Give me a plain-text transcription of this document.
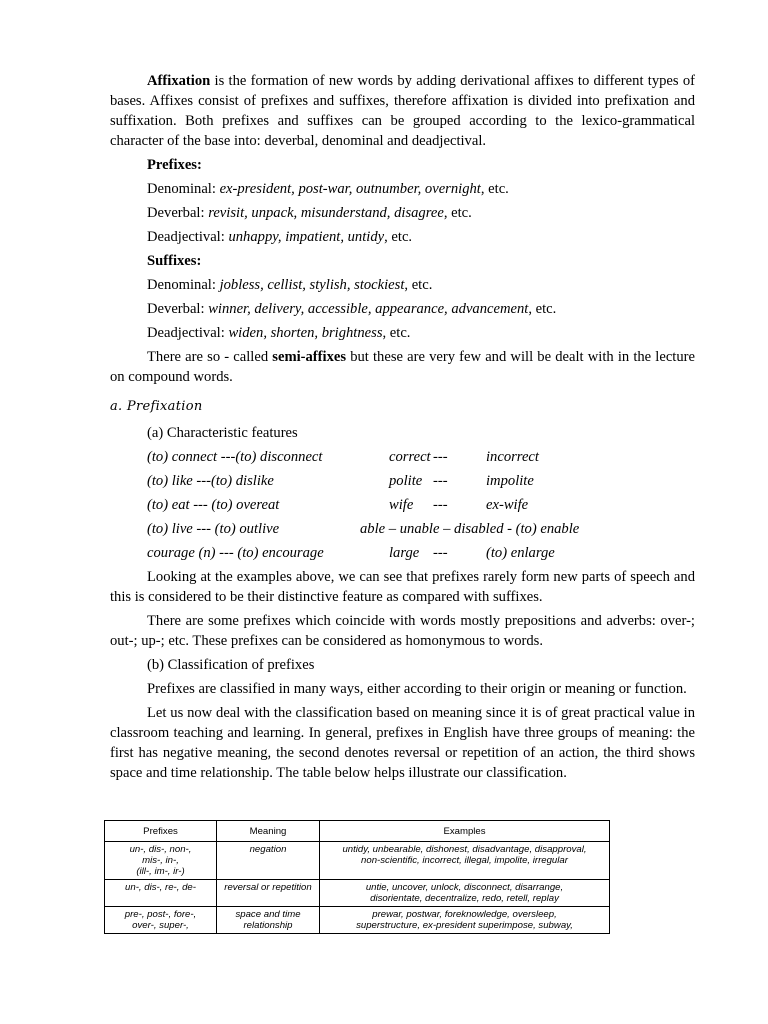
Affixation is the formation of new words by adding derivational affixes to different types of bases. Affixes consist of prefixes and suffixes, therefore affixation is divided into prefixation and suffixation. Both prefixes and suffixes can be grouped according to the lexico-grammatical character of the base into: deverbal, denominal and deadjectival.

Prefixes:

Denominal: ex-president, post-war, outnumber, overnight, etc.

Deverbal: revisit, unpack, misunderstand, disagree, etc.

Deadjectival: unhappy, impatient, untidy, etc.

Suffixes:

Denominal: jobless, cellist, stylish, stockiest, etc.

Deverbal: winner, delivery, accessible, appearance, advancement, etc.

Deadjectival: widen, shorten, brightness, etc.

There are so - called semi-affixes but these are very few and will be dealt with in the lecture on compound words.

a. Prefixation

(a) Characteristic features

(to) connect ---(to) disconnect	correct ---	incorrect
(to) like ---(to) dislike	polite ---	impolite
(to) eat --- (to) overeat	wife ---	ex-wife
(to) live --- (to) outlive	able – unable – disabled - (to) enable
courage (n) --- (to) encourage	large ---	(to) enlarge

Looking at the examples above, we can see that prefixes rarely form new parts of speech and this is considered to be their distinctive feature as compared with suffixes.

There are some prefixes which coincide with words mostly prepositions and adverbs: over-; out-; up-; etc. These prefixes can be considered as homonymous to words.

(b) Classification of prefixes

Prefixes are classified in many ways, either according to their origin or meaning or function.

Let us now deal with the classification based on meaning since it is of great practical value in classroom teaching and learning. In general, prefixes in English have three groups of meaning: the first has negative meaning, the second denotes reversal or repetition of an action, the third shows space and time relationship. The table below helps illustrate our classification.

Prefixes	Meaning	Examples
un-, dis-, non-,
mis-, in-,
(ill-, im-, ir-)	negation	untidy, unbearable, dishonest, disadvantage, disapproval,
non-scientific, incorrect, illegal, impolite, irregular
un-, dis-, re-, de-	reversal or repetition	untie, uncover, unlock, disconnect, disarrange,
disorientate, decentralize, redo, retell, replay
pre-, post-, fore-,
over-, super-,	space and time
relationship	prewar, postwar, foreknowledge, oversleep,
superstructure, ex-president superimpose, subway,
